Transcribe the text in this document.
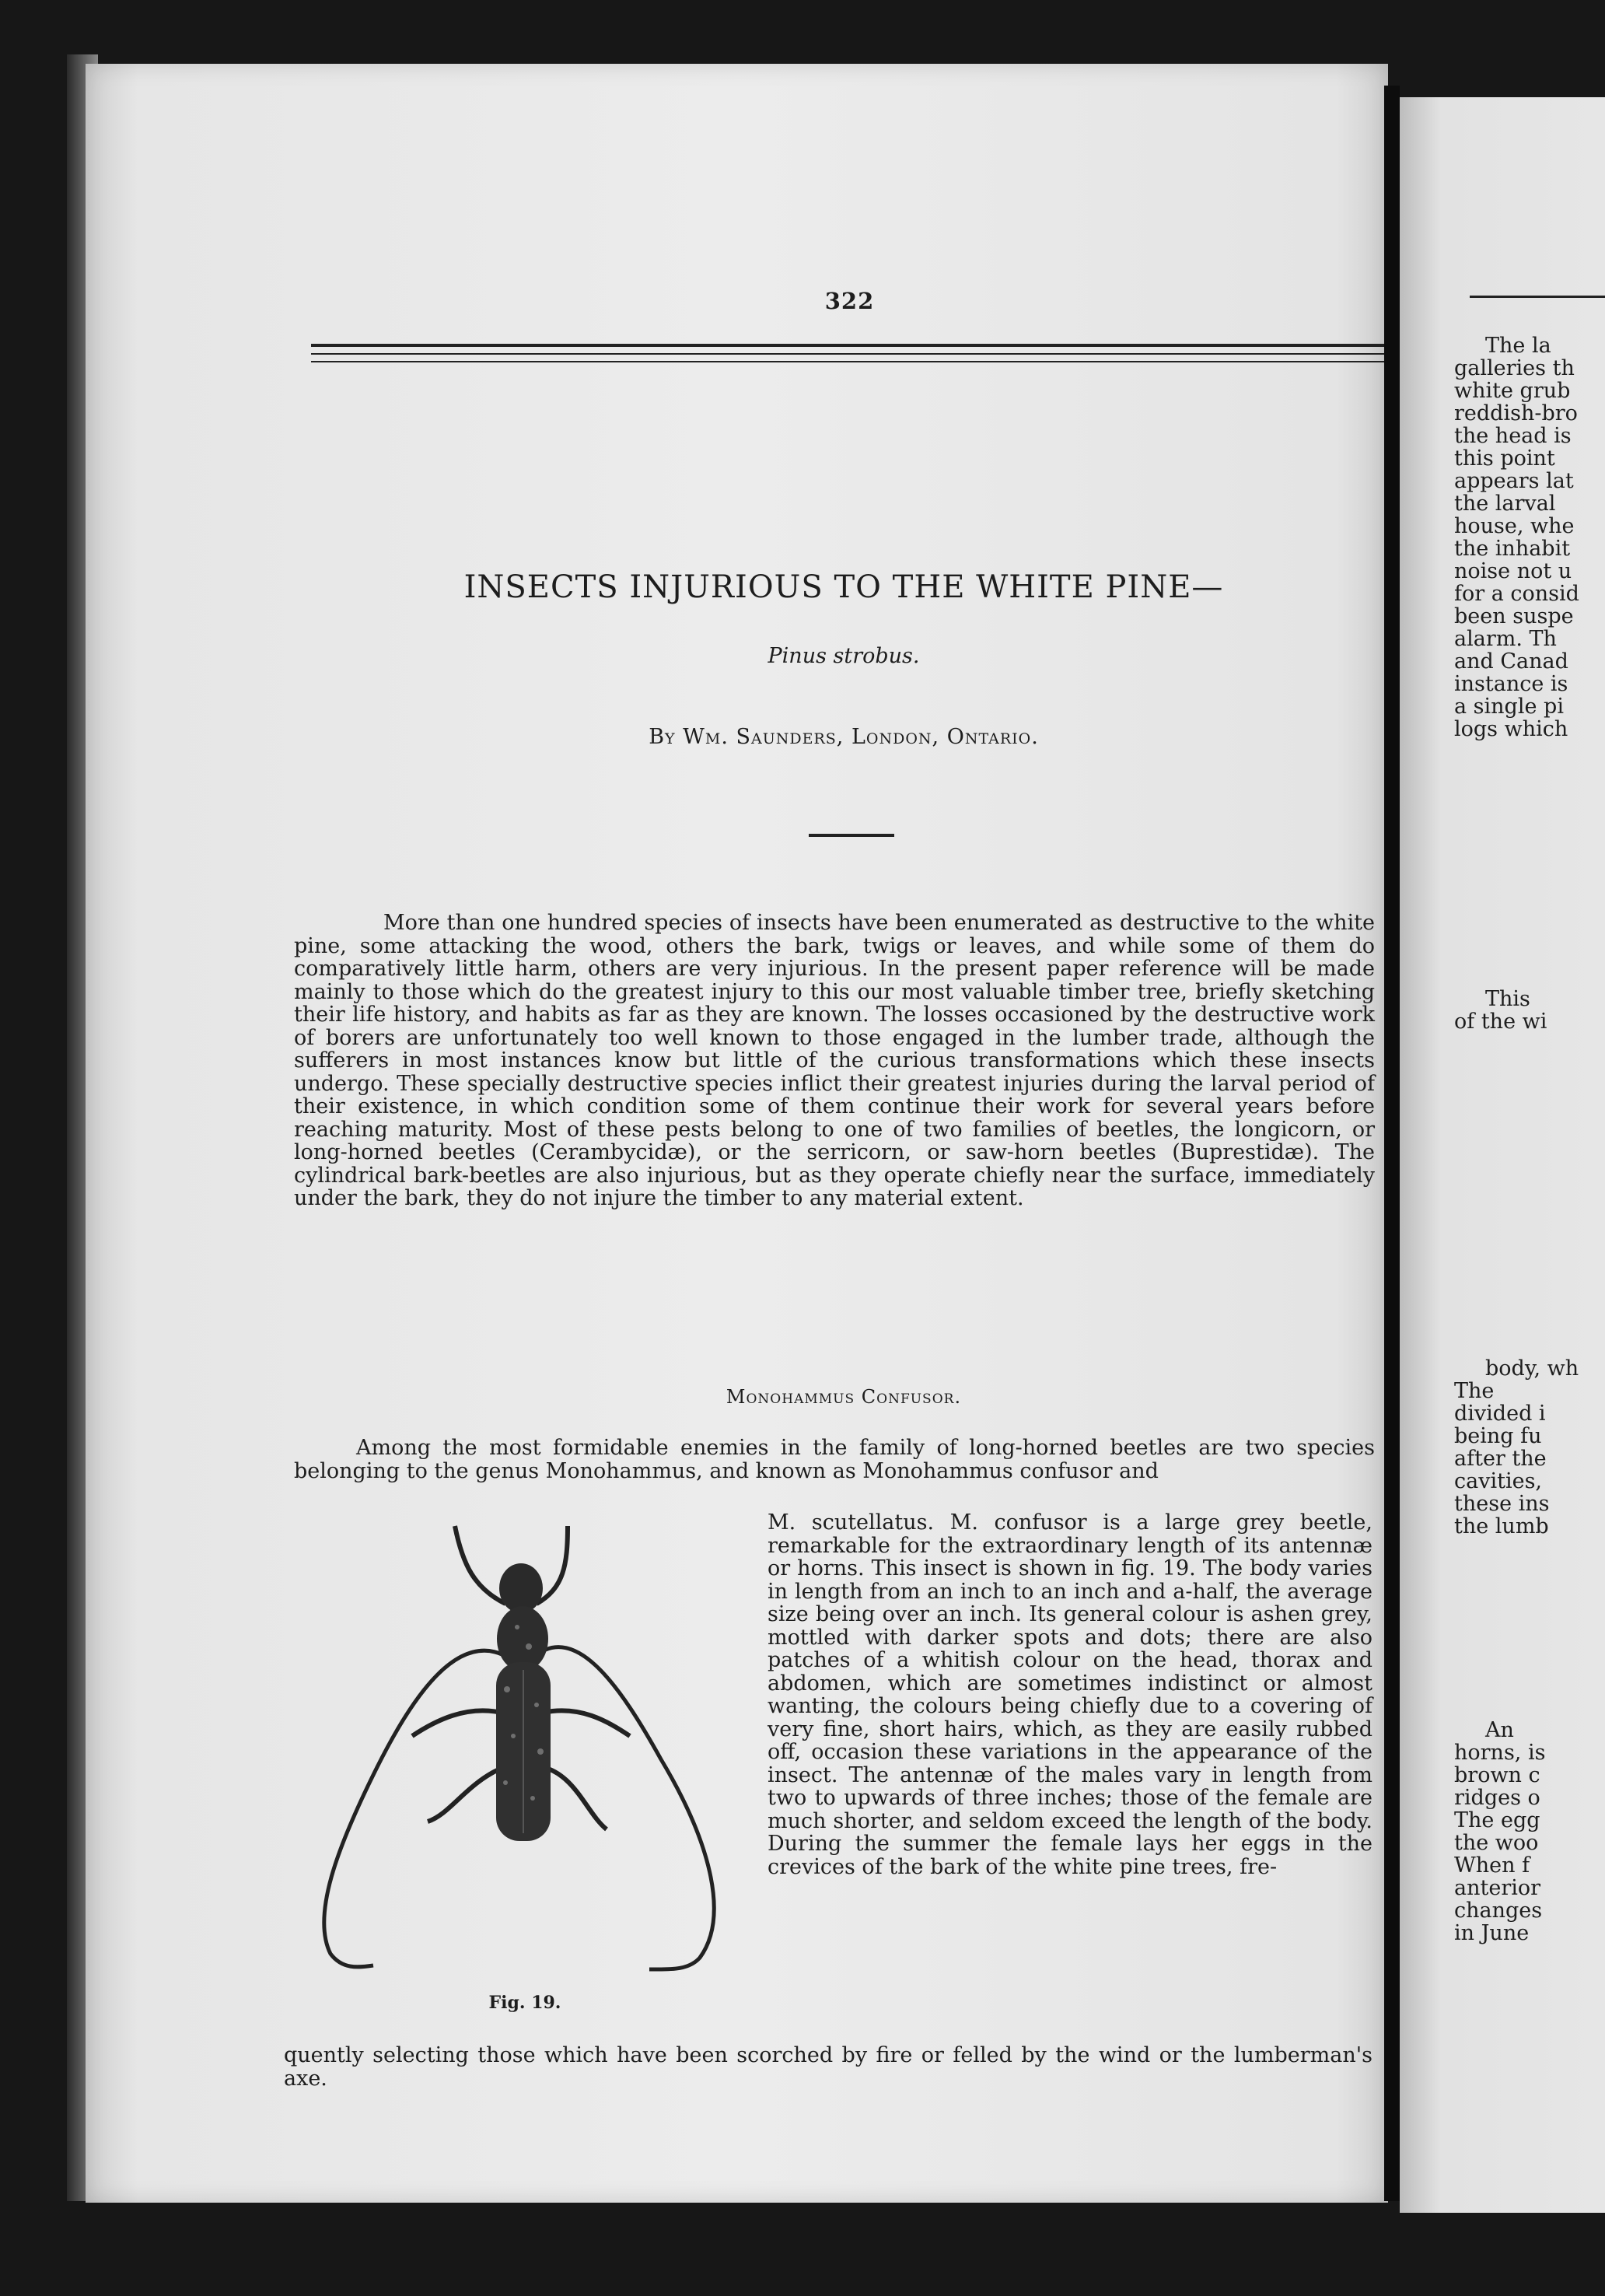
322
INSECTS INJURIOUS TO THE WHITE PINE—
Pinus strobus.
By Wm. Saunders, London, Ontario.
More than one hundred species of insects have been enumerated as destructive to the white pine, some attacking the wood, others the bark, twigs or leaves, and while some of them do comparatively little harm, others are very injurious. In the present paper reference will be made mainly to those which do the greatest injury to this our most valuable timber tree, briefly sketching their life history, and habits as far as they are known. The losses occasioned by the destructive work of borers are unfortunately too well known to those engaged in the lumber trade, although the sufferers in most instances know but little of the curious transformations which these insects undergo. These specially destructive species inflict their greatest injuries during the larval period of their existence, in which condition some of them continue their work for several years before reaching maturity. Most of these pests belong to one of two families of beetles, the longicorn, or long-horned beetles (Cerambycidæ), or the serricorn, or saw-horn beetles (Buprestidæ). The cylindrical bark-beetles are also injurious, but as they operate chiefly near the surface, immediately under the bark, they do not injure the timber to any material extent.
Monohammus Confusor.
Among the most formidable enemies in the family of long-horned beetles are two species belonging to the genus Monohammus, and known as Monohammus confusor and
M. scutellatus. M. confusor is a large grey beetle, remarkable for the extraordinary length of its antennæ or horns. This insect is shown in fig. 19. The body varies in length from an inch to an inch and a-half, the average size being over an inch. Its general colour is ashen grey, mottled with darker spots and dots; there are also patches of a whitish colour on the head, thorax and abdomen, which are sometimes indistinct or almost wanting, the colours being chiefly due to a covering of very fine, short hairs, which, as they are easily rubbed off, occasion these variations in the appearance of the insect. The antennæ of the males vary in length from two to upwards of three inches; those of the female are much shorter, and seldom exceed the length of the body. During the summer the female lays her eggs in the crevices of the bark of the white pine trees, fre-
Fig. 19.
quently selecting those which have been scorched by fire or felled by the wind or the lumberman's axe.
The la
galleries th
white grub
reddish-bro
the head is
this point
appears lat
the larval
house, whe
the inhabit
noise not u
for a consid
been suspe
alarm. Th
and Canad
instance is
a single pi
logs which
This
of the wi
body, wh
The
divided i
being fu
after the
cavities,
these ins
the lumb
An
horns, is
brown c
ridges o
The egg
the woo
When f
anterior
changes
in June
